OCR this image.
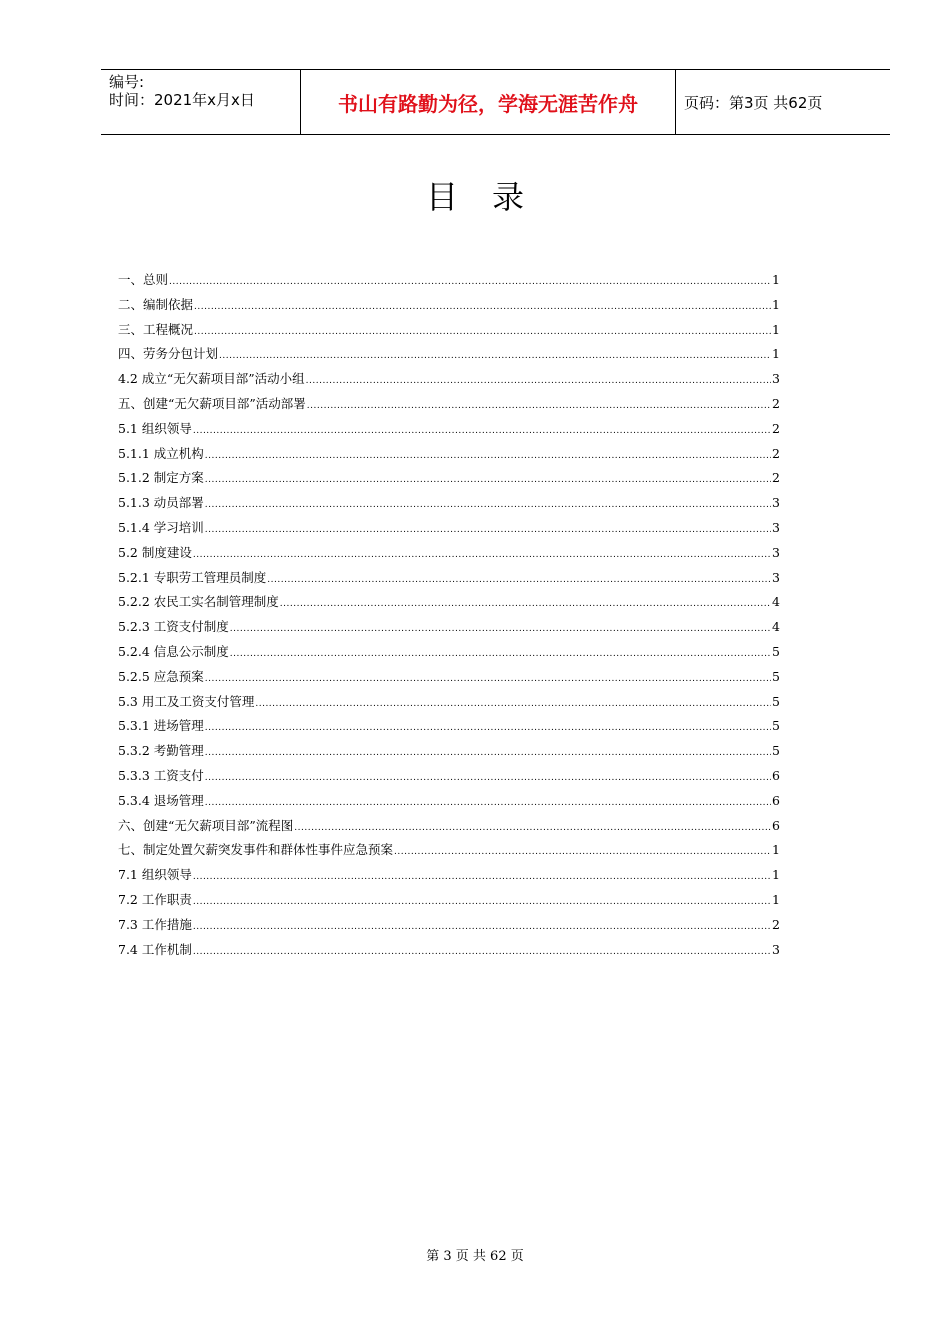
编号:
时间：2021年x月x日	书山有路勤为径，学海无涯苦作舟	页码：第3页 共62页
目录
一、总则 .....	1
二、编制依据 .....	1
三、工程概况 .....	1
四、劳务分包计划 .....	1
4.2 成立“无欠薪项目部”活动小组 .....	3
五、创建“无欠薪项目部”活动部署 .....	2
5.1 组织领导 .....	2
5.1.1 成立机构 .....	2
5.1.2 制定方案 .....	2
5.1.3 动员部署 .....	3
5.1.4 学习培训 .....	3
5.2 制度建设 .....	3
5.2.1 专职劳工管理员制度 .....	3
5.2.2 农民工实名制管理制度 .....	4
5.2.3 工资支付制度 .....	4
5.2.4 信息公示制度 .....	5
5.2.5 应急预案 .....	5
5.3 用工及工资支付管理 .....	5
5.3.1 进场管理 .....	5
5.3.2 考勤管理 .....	5
5.3.3 工资支付 .....	6
5.3.4 退场管理 .....	6
六、创建“无欠薪项目部”流程图 .....	6
七、制定处置欠薪突发事件和群体性事件应急预案 .....	1
7.1 组织领导 .....	1
7.2 工作职责 .....	1
7.3 工作措施 .....	2
7.4 工作机制 .....	3
第 3 页 共 62 页
